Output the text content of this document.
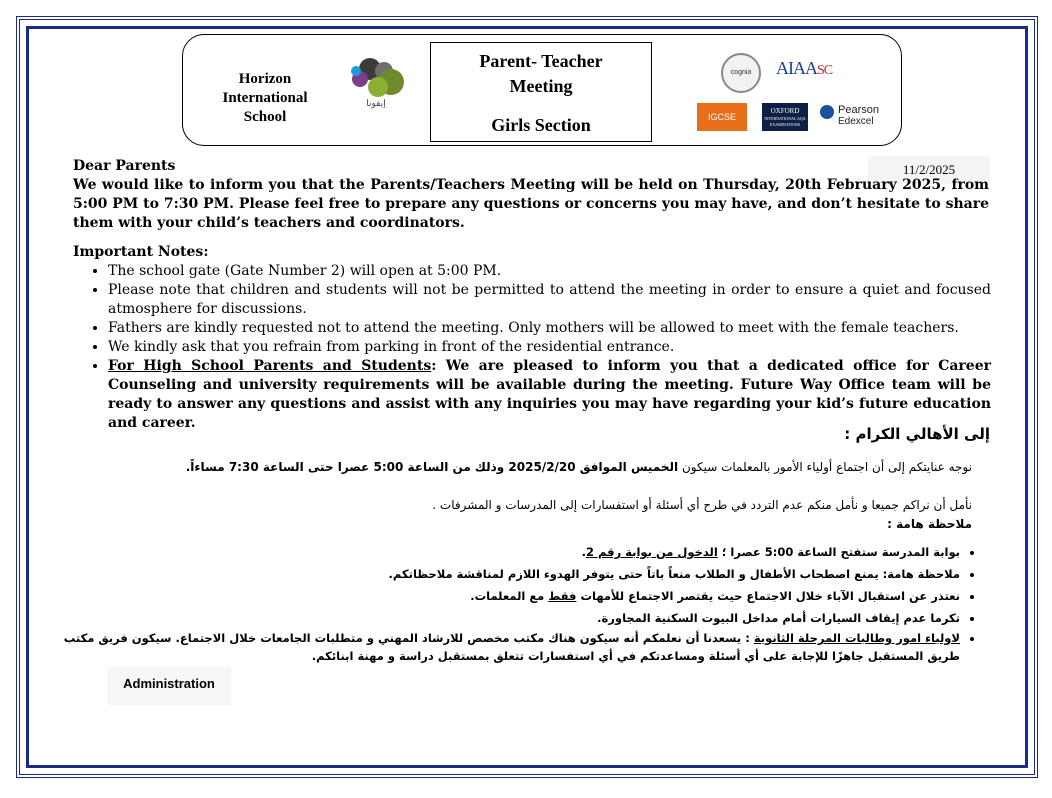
Horizon International School
إيقونا
Parent- Teacher
Meeting
Girls Section
cognia	AIAASC
IGCSE
OXFORD
INTERNATIONAL AQA EXAMINATIONS
Pearson
Edexcel
11/2/2025
Dear Parents
We would like to inform you that the Parents/Teachers Meeting will be held on Thursday, 20th February 2025, from 5:00 PM to 7:30 PM. Please feel free to prepare any questions or concerns you may have, and don’t hesitate to share them with your child’s teachers and coordinators.
Important Notes:
• The school gate (Gate Number 2) will open at 5:00 PM.
• Please note that children and students will not be permitted to attend the meeting in order to ensure a quiet and focused atmosphere for discussions.
• Fathers are kindly requested not to attend the meeting. Only mothers will be allowed to meet with the female teachers.
• We kindly ask that you refrain from parking in front of the residential entrance.
• For High School Parents and Students: We are pleased to inform you that a dedicated office for Career Counseling and university requirements will be available during the meeting. Future Way Office team will be ready to answer any questions and assist with any inquiries you may have regarding your kid’s future education and career.
إلى الأهالي الكرام :
نوجه عنايتكم إلى أن اجتماع أولياء الأمور بالمعلمات سيكون الخميس الموافق 2025/2/20 وذلك من الساعة 5:00 عصرا حتى الساعة 7:30 مساءاً.
نأمل أن نراكم جميعا و نأمل منكم عدم التردد في طرح أي أسئلة أو استفسارات إلى المدرسات و المشرفات .
ملاحظة هامة :
• بوابة المدرسة ستفتح الساعة 5:00 عصرا ؛ الدخول من بوابة رقم 2.
• ملاحظة هامة: يمنع اصطحاب الأطفال و الطلاب منعاً باتاً حتى يتوفر الهدوء اللازم لمناقشة ملاحظاتكم.
• نعتذر عن استقبال الآباء خلال الاجتماع حيث يقتصر الاجتماع للأمهات فقط مع المعلمات.
• تكرما عدم إيقاف السيارات أمام مداخل البيوت السكنية المجاورة.
• لاولياء امور وطالبات المرحلة الثانوية : يسعدنا أن نعلمكم أنه سيكون هناك مكتب مخصص للارشاد المهني و متطلبات الجامعات خلال الاجتماع. سيكون فريق مكتب طريق المستقبل جاهزًا للإجابة على أي أسئلة ومساعدتكم في أي استفسارات تتعلق بمستقبل دراسة و مهنة ابنائكم.
Administration
